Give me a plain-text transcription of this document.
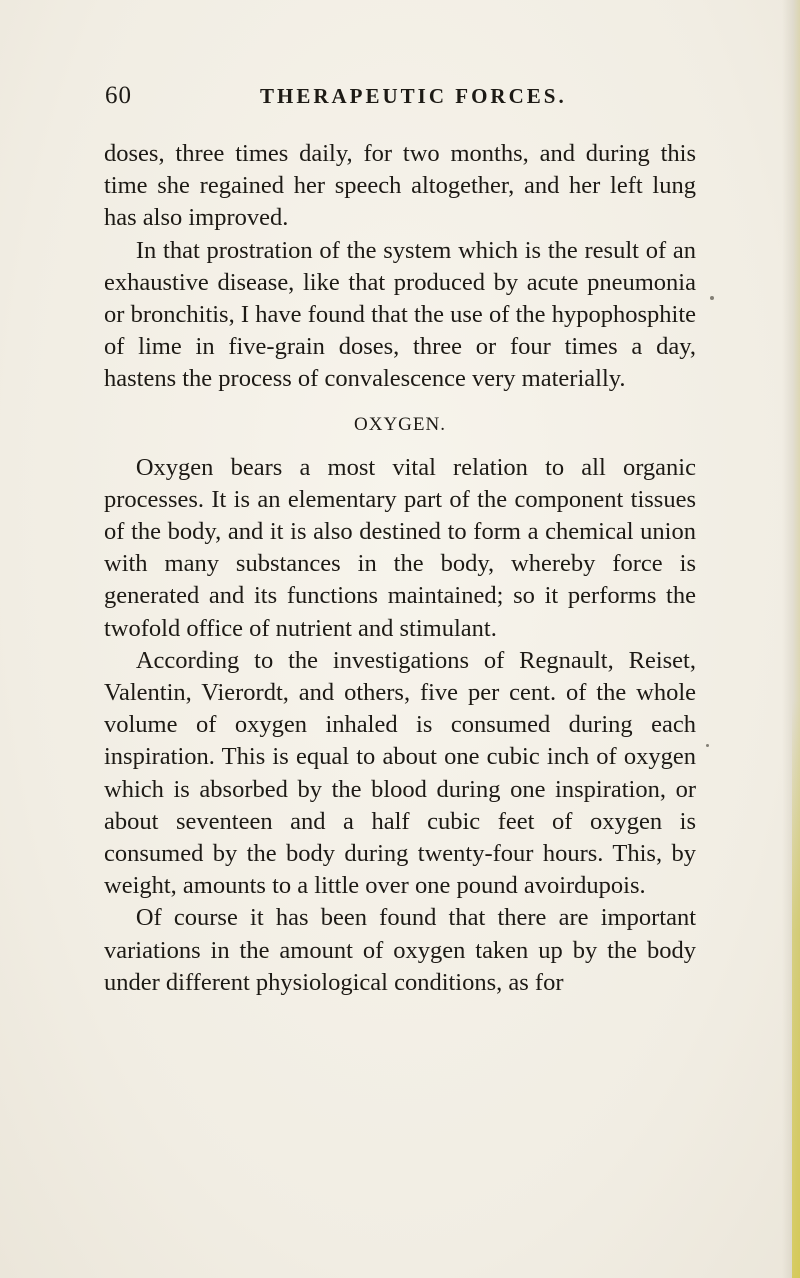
60	THERAPEUTIC FORCES.

doses, three times daily, for two months, and during this time she regained her speech altogether, and her left lung has also improved.

In that prostration of the system which is the result of an exhaustive disease, like that produced by acute pneumonia or bronchitis, I have found that the use of the hypophosphite of lime in five-grain doses, three or four times a day, hastens the process of convalescence very materially.

OXYGEN.

Oxygen bears a most vital relation to all organic processes. It is an elementary part of the component tissues of the body, and it is also destined to form a chemical union with many substances in the body, whereby force is generated and its functions maintained; so it performs the twofold office of nutrient and stimulant.

According to the investigations of Regnault, Reiset, Valentin, Vierordt, and others, five per cent. of the whole volume of oxygen inhaled is consumed during each inspiration. This is equal to about one cubic inch of oxygen which is absorbed by the blood during one inspiration, or about seventeen and a half cubic feet of oxygen is consumed by the body during twenty-four hours. This, by weight, amounts to a little over one pound avoirdupois.

Of course it has been found that there are important variations in the amount of oxygen taken up by the body under different physiological conditions, as for
